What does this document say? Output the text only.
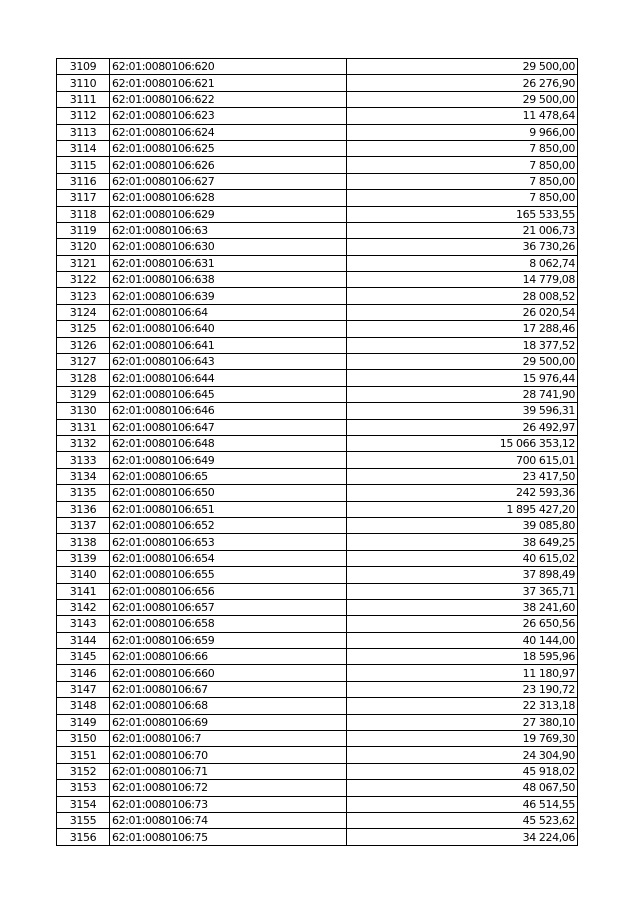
3109	62:01:0080106:620	29 500,00
3110	62:01:0080106:621	26 276,90
3111	62:01:0080106:622	29 500,00
3112	62:01:0080106:623	11 478,64
3113	62:01:0080106:624	9 966,00
3114	62:01:0080106:625	7 850,00
3115	62:01:0080106:626	7 850,00
3116	62:01:0080106:627	7 850,00
3117	62:01:0080106:628	7 850,00
3118	62:01:0080106:629	165 533,55
3119	62:01:0080106:63	21 006,73
3120	62:01:0080106:630	36 730,26
3121	62:01:0080106:631	8 062,74
3122	62:01:0080106:638	14 779,08
3123	62:01:0080106:639	28 008,52
3124	62:01:0080106:64	26 020,54
3125	62:01:0080106:640	17 288,46
3126	62:01:0080106:641	18 377,52
3127	62:01:0080106:643	29 500,00
3128	62:01:0080106:644	15 976,44
3129	62:01:0080106:645	28 741,90
3130	62:01:0080106:646	39 596,31
3131	62:01:0080106:647	26 492,97
3132	62:01:0080106:648	15 066 353,12
3133	62:01:0080106:649	700 615,01
3134	62:01:0080106:65	23 417,50
3135	62:01:0080106:650	242 593,36
3136	62:01:0080106:651	1 895 427,20
3137	62:01:0080106:652	39 085,80
3138	62:01:0080106:653	38 649,25
3139	62:01:0080106:654	40 615,02
3140	62:01:0080106:655	37 898,49
3141	62:01:0080106:656	37 365,71
3142	62:01:0080106:657	38 241,60
3143	62:01:0080106:658	26 650,56
3144	62:01:0080106:659	40 144,00
3145	62:01:0080106:66	18 595,96
3146	62:01:0080106:660	11 180,97
3147	62:01:0080106:67	23 190,72
3148	62:01:0080106:68	22 313,18
3149	62:01:0080106:69	27 380,10
3150	62:01:0080106:7	19 769,30
3151	62:01:0080106:70	24 304,90
3152	62:01:0080106:71	45 918,02
3153	62:01:0080106:72	48 067,50
3154	62:01:0080106:73	46 514,55
3155	62:01:0080106:74	45 523,62
3156	62:01:0080106:75	34 224,06
